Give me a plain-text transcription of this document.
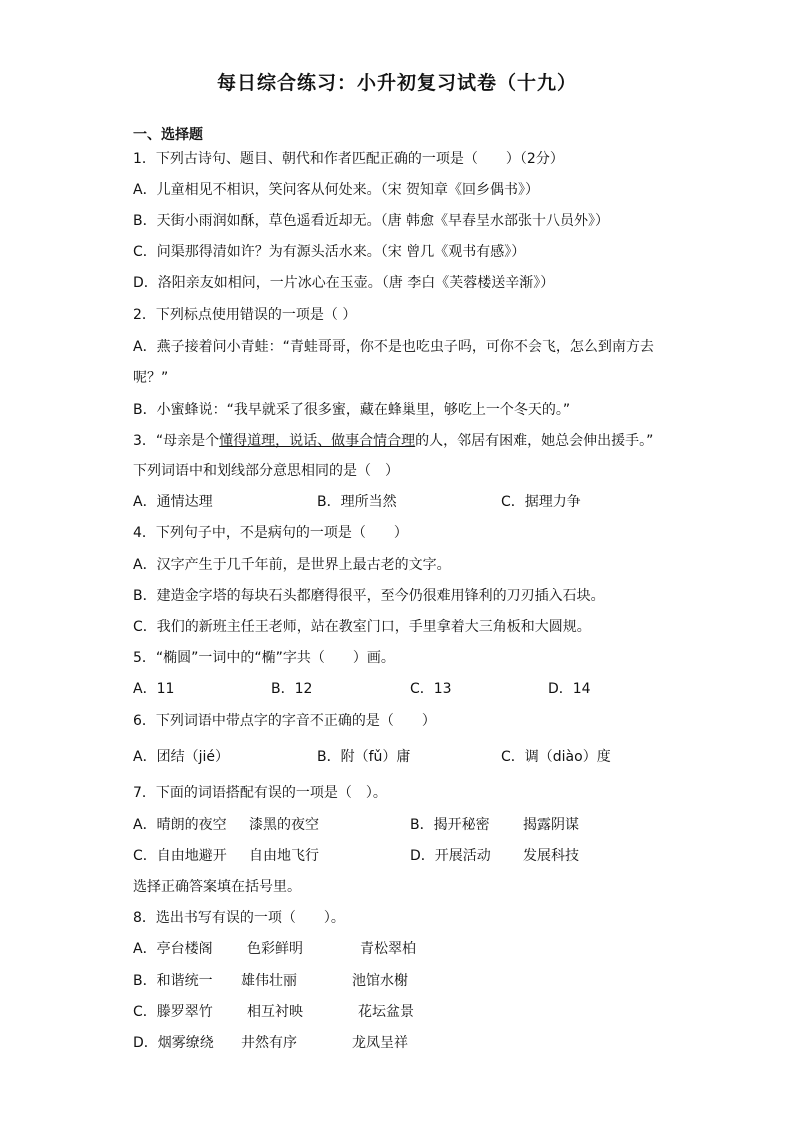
每日综合练习：小升初复习试卷（十九）
一、选择题
1．下列古诗句、题目、朝代和作者匹配正确的一项是（　　）（2分）
A．儿童相见不相识，笑问客从何处来。（宋 贺知章《回乡偶书》）
B．天街小雨润如酥，草色遥看近却无。（唐 韩愈《早春呈水部张十八员外》）
C．问渠那得清如许？为有源头活水来。（宋 曾几《观书有感》）
D．洛阳亲友如相问，一片冰心在玉壶。（唐 李白《芙蓉楼送辛渐》）
2．下列标点使用错误的一项是（ ）
A．燕子接着问小青蛙：“青蛙哥哥，你不是也吃虫子吗，可你不会飞，怎么到南方去
呢？”
B．小蜜蜂说：“我早就采了很多蜜，藏在蜂巢里，够吃上一个冬天的。”
3．“母亲是个懂得道理，说话、做事合情合理的人，邻居有困难，她总会伸出援手。”
下列词语中和划线部分意思相同的是（　）
A．通情达理	B．理所当然	C．据理力争
4．下列句子中，不是病句的一项是（　　）
A．汉字产生于几千年前，是世界上最古老的文字。
B．建造金字塔的每块石头都磨得很平，至今仍很难用锋利的刀刃插入石块。
C．我们的新班主任王老师，站在教室门口，手里拿着大三角板和大圆规。
5．“椭圆”一词中的“椭”字共（　　）画。
A．11	B．12	C．13	D．14
6．下列词语中带点字的字音不正确的是（　　）
A．团结（jié）	B．附（fǔ）庸	C．调（diào）度
7．下面的词语搭配有误的一项是（　）。
A．晴朗的夜空 漆黑的夜空	B．揭开秘密 揭露阴谋
C．自由地避开 自由地飞行	D．开展活动 发展科技
选择正确答案填在括号里。
8．选出书写有误的一项（　　）。
A．亭台楼阁 色彩鲜明	青松翠柏
B．和谐统一 雄伟壮丽	池馆水榭
C．滕罗翠竹 相互衬映	花坛盆景
D．烟雾缭绕 井然有序	龙凤呈祥
